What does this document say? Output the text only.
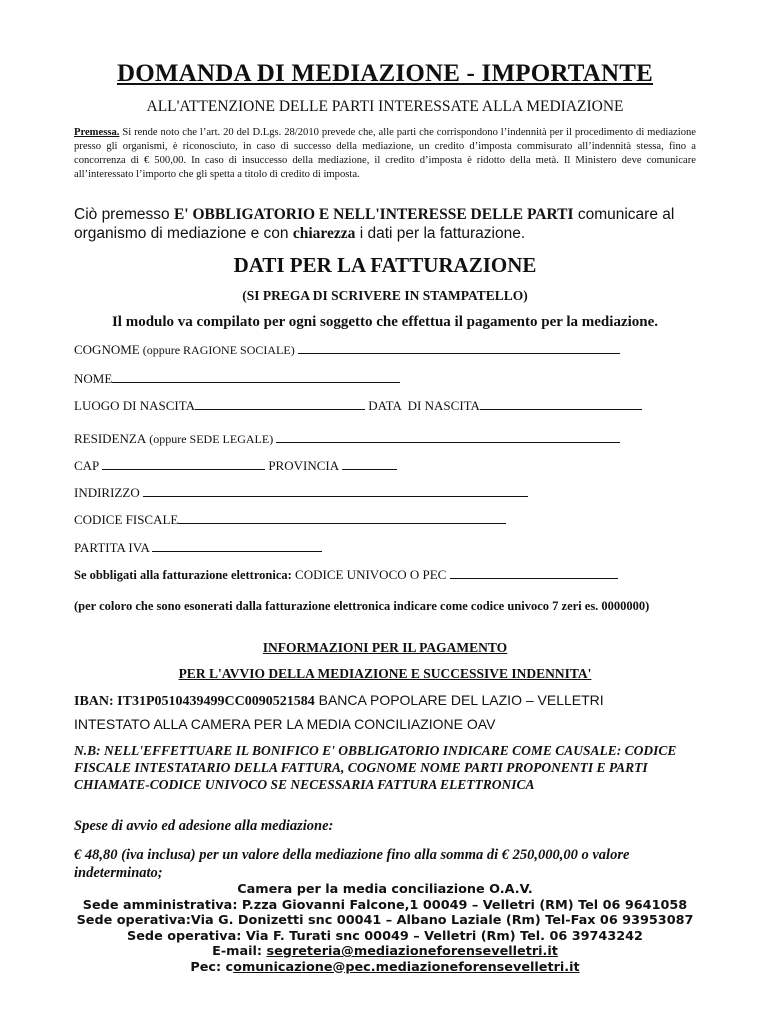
DOMANDA DI MEDIAZIONE - IMPORTANTE
ALL'ATTENZIONE DELLE PARTI INTERESSATE ALLA MEDIAZIONE
Premessa. Si rende noto che l’art. 20 del D.Lgs. 28/2010 prevede che, alle parti che corrispondono l’indennità per il procedimento di mediazione presso gli organismi, è riconosciuto, in caso di successo della mediazione, un credito d’imposta commisurato all’indennità stessa, fino a concorrenza di € 500,00. In caso di insuccesso della mediazione, il credito d’imposta è ridotto della metà. Il Ministero deve comunicare all’interessato l’importo che gli spetta a titolo di credito di imposta.
Ciò premesso E' OBBLIGATORIO E NELL'INTERESSE DELLE PARTI comunicare al organismo di mediazione e con chiarezza i dati per la fatturazione.
DATI PER LA FATTURAZIONE
(SI PREGA DI SCRIVERE IN STAMPATELLO)
Il modulo va compilato per ogni soggetto che effettua il pagamento per la mediazione.
COGNOME (oppure RAGIONE SOCIALE)
NOME
LUOGO DI NASCITA	DATA  DI NASCITA
RESIDENZA (oppure SEDE LEGALE)
CAP	PROVINCIA
INDIRIZZO
CODICE FISCALE
PARTITA IVA
Se obbligati alla fatturazione elettronica: CODICE UNIVOCO O PEC
(per coloro che sono esonerati dalla fatturazione elettronica indicare come codice univoco 7 zeri es. 0000000)
INFORMAZIONI PER IL PAGAMENTO
PER L'AVVIO DELLA MEDIAZIONE E SUCCESSIVE INDENNITA'
IBAN: IT31P0510439499CC0090521584 BANCA POPOLARE DEL LAZIO – VELLETRI
INTESTATO ALLA CAMERA PER LA MEDIA CONCILIAZIONE OAV
N.B: NELL'EFFETTUARE IL BONIFICO E' OBBLIGATORIO INDICARE COME CAUSALE: CODICE FISCALE INTESTATARIO DELLA FATTURA, COGNOME NOME PARTI PROPONENTI E PARTI CHIAMATE-CODICE UNIVOCO SE NECESSARIA FATTURA ELETTRONICA
Spese di avvio ed adesione alla mediazione:
€ 48,80 (iva inclusa) per un valore della mediazione fino alla somma di € 250,000,00 o valore indeterminato;

Camera per la media conciliazione O.A.V.

Sede amministrativa: P.zza Giovanni Falcone,1 00049 – Velletri (RM) Tel 06 9641058

Sede operativa:Via G. Donizetti snc 00041 – Albano Laziale (Rm) Tel-Fax 06 93953087

Sede operativa: Via F. Turati snc 00049 – Velletri (Rm) Tel. 06 39743242

E-mail: segreteria@mediazioneforensevelletri.it

Pec: comunicazione@pec.mediazioneforensevelletri.it
